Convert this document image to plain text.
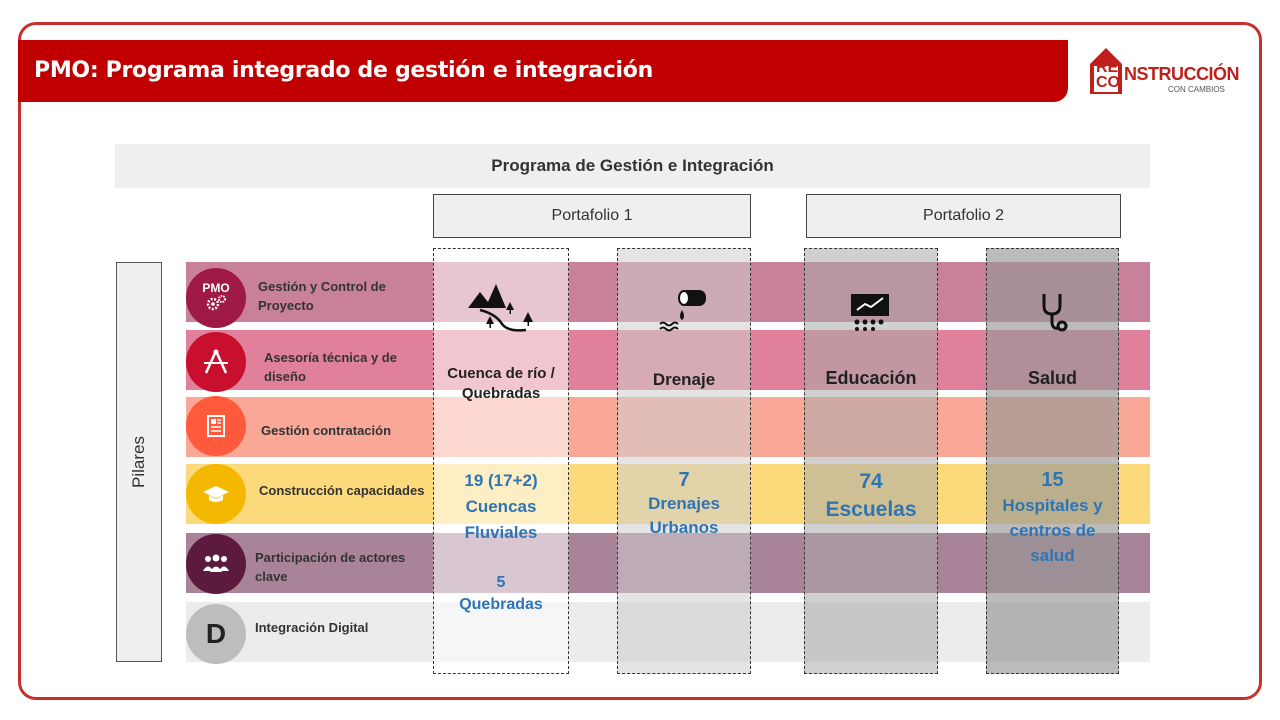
PMO: Programa integrado de gestión e integración	RE
CO NSTRUCCIÓN
CON CAMBIOS
Programa de Gestión e Integración
Portafolio 1	Portafolio 2
Pilares
PMO Gestión y Control de Proyecto
Asesoría técnica y de diseño
Gestión contratación
Construcción capacidades
Participación de actores clave
D Integración Digital
Cuenca de río / Quebradas
Drenaje	Educación	Salud
19 (17+2)
Cuencas Fluviales
5
Quebradas
7
Drenajes Urbanos
74
Escuelas
15
Hospitales y centros de salud
